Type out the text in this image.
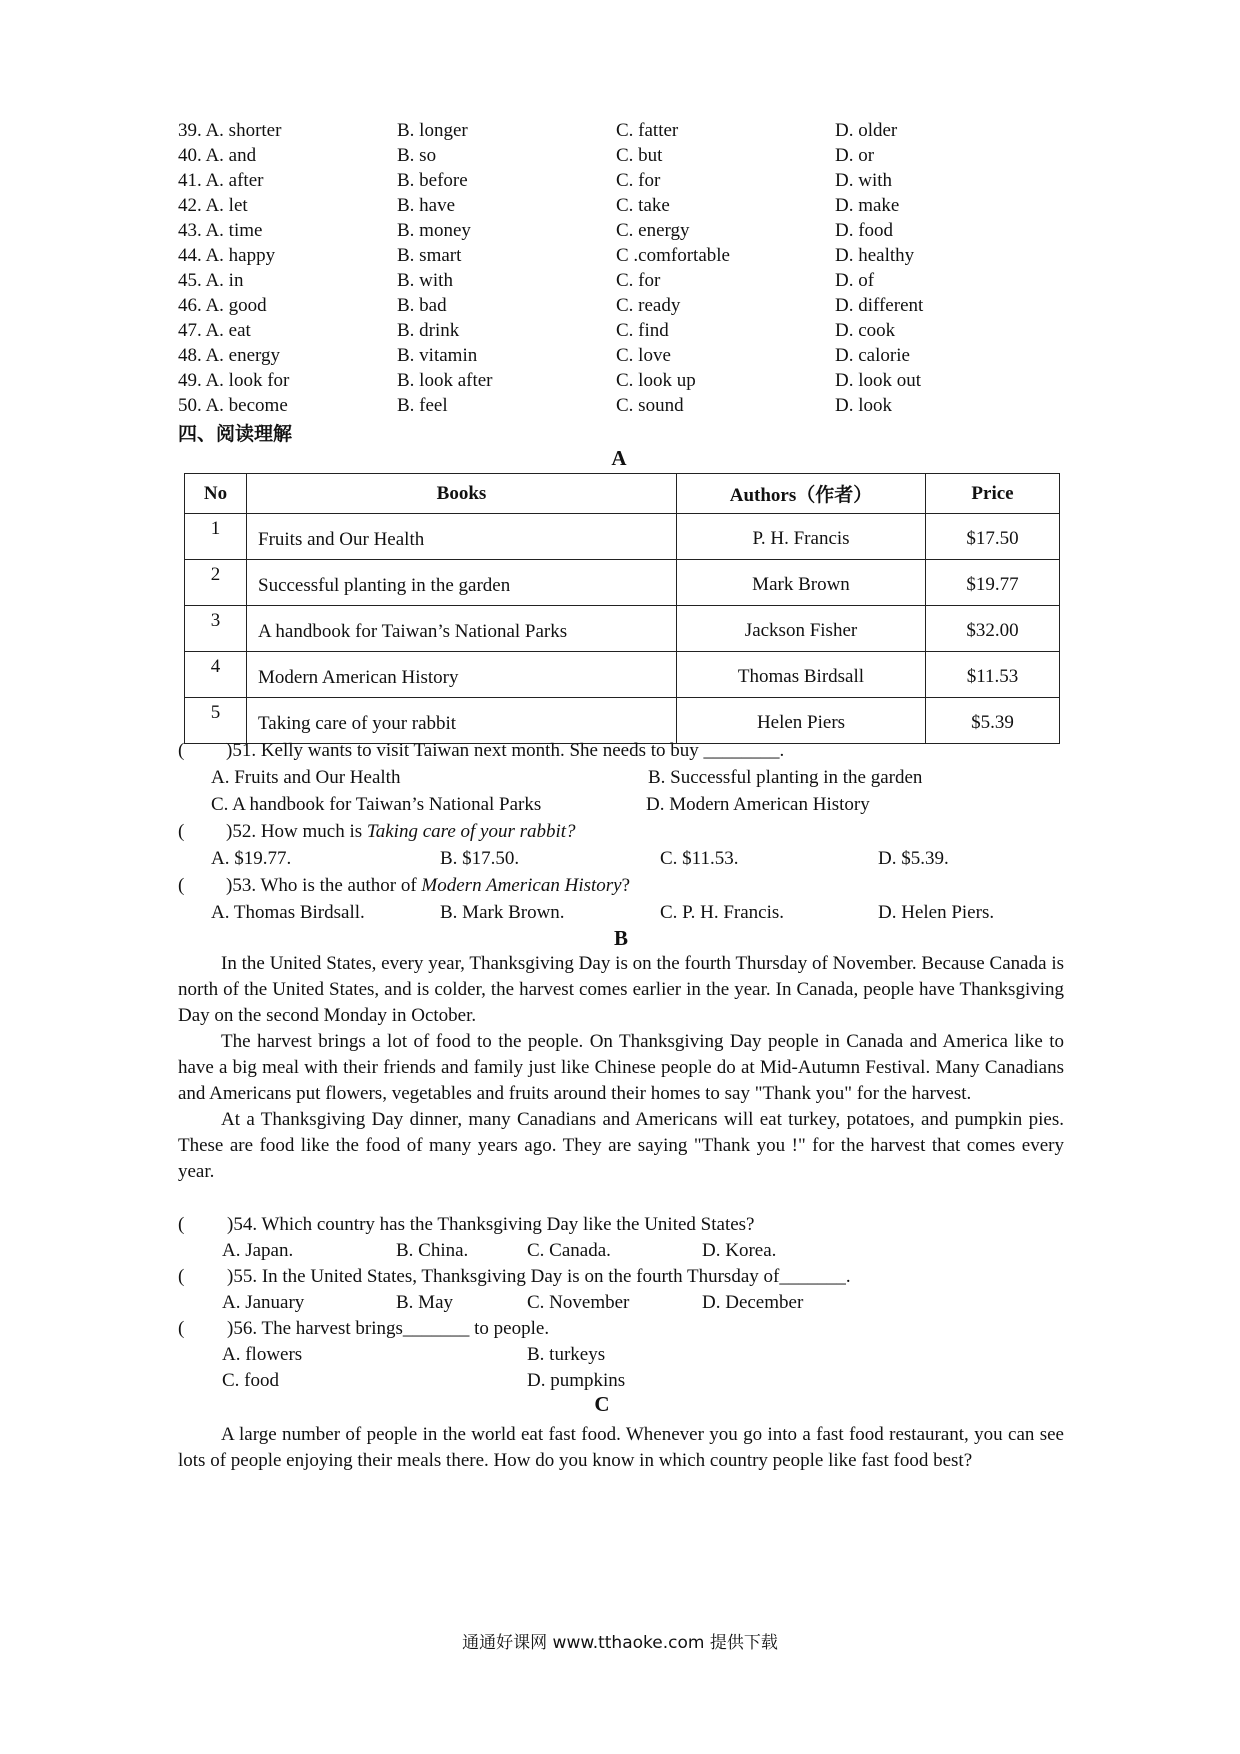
39. A. shorter	B. longer	C. fatter	D. older
40. A. and	B. so	C. but	D. or
41. A. after	B. before	C. for	D. with
42. A. let	B. have	C. take	D. make
43. A. time	B. money	C. energy	D. food
44. A. happy	B. smart	C .comfortable	D. healthy
45. A. in	B. with	C. for	D. of
46. A. good	B. bad	C. ready	D. different
47. A. eat	B. drink	C. find	D. cook
48. A. energy	B. vitamin	C. love	D. calorie
49. A. look for	B. look after	C. look up	D. look out
50. A. become	B. feel	C. sound	D. look
四、阅读理解
A
No	Books	Authors（作者）	Price
1	Fruits and Our Health	P. H. Francis	$17.50
2	Successful planting in the garden	Mark Brown	$19.77
3	A handbook for Taiwan’s National Parks	Jackson Fisher	$32.00
4	Modern American History	Thomas Birdsall	$11.53
5	Taking care of your rabbit	Helen Piers	$5.39
( )51. Kelly wants to visit Taiwan next month. She needs to buy ________.
A. Fruits and Our Health	B. Successful planting in the garden
C. A handbook for Taiwan’s National Parks	D. Modern American History
( )52. How much is Taking care of your rabbit?
A. $19.77.	B. $17.50.	C. $11.53.	D. $5.39.
( )53. Who is the author of Modern American History?
A. Thomas Birdsall.	B. Mark Brown.	C. P. H. Francis.	D. Helen Piers.
B

In the United States, every year, Thanksgiving Day is on the fourth Thursday of November. Because Canada is north of the United States, and is colder, the harvest comes earlier in the year. In Canada, people have Thanksgiving Day on the second Monday in October.

The harvest brings a lot of food to the people. On Thanksgiving Day people in Canada and America like to have a big meal with their friends and family just like Chinese people do at Mid-Autumn Festival. Many Canadians and Americans put flowers, vegetables and fruits around their homes to say "Thank you" for the harvest.

At a Thanksgiving Day dinner, many Canadians and Americans will eat turkey, potatoes, and pumpkin pies. These are food like the food of many years ago. They are saying "Thank you !" for the harvest that comes every year.

( )54. Which country has the Thanksgiving Day like the United States?
A. Japan.	B. China.	C. Canada.	D. Korea.
( )55. In the United States, Thanksgiving Day is on the fourth Thursday of_______.
A. January	B. May	C. November	D. December
( )56. The harvest brings_______ to people.
A. flowers	B. turkeys
C. food	D. pumpkins
C

A large number of people in the world eat fast food. Whenever you go into a fast food restaurant, you can see lots of people enjoying their meals there. How do you know in which country people like fast food best?

通通好课网 www.tthaoke.com 提供下载
